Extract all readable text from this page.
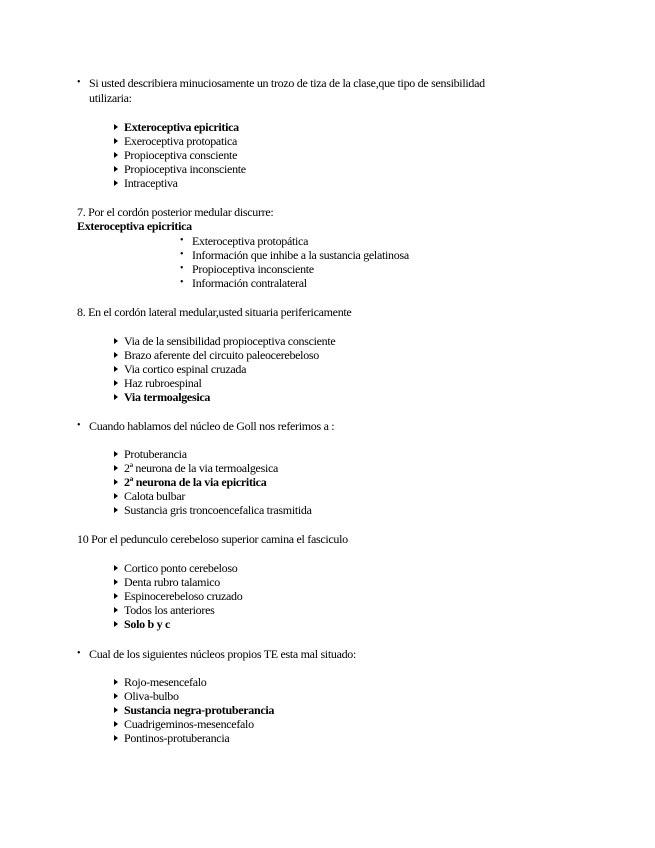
• Si usted describiera minuciosamente un trozo de tiza de la clase,que tipo de sensibilidad
utilizaria:
Exteroceptiva epicritica
Exeroceptiva protopatica
Propioceptiva consciente
Propioceptiva inconsciente
Intraceptiva
7. Por el cordón posterior medular discurre:
Exteroceptiva epicritica
• Exteroceptiva protopática
• Información que inhibe a la sustancia gelatinosa
• Propioceptiva inconsciente
• Información contralateral
8. En el cordón lateral medular,usted situaria perifericamente
Via de la sensibilidad propioceptiva consciente
Brazo aferente del circuito paleocerebeloso
Via cortico espinal cruzada
Haz rubroespinal
Via termoalgesica
• Cuando hablamos del núcleo de Goll nos referimos a :
Protuberancia
2ª neurona de la via termoalgesica
2ª neurona de la via epicritica
Calota bulbar
Sustancia gris troncoencefalica trasmitida
10 Por el pedunculo cerebeloso superior camina el fasciculo
Cortico ponto cerebeloso
Denta rubro talamico
Espinocerebeloso cruzado
Todos los anteriores
Solo b y c
• Cual de los siguientes núcleos propios TE esta mal situado:
Rojo-mesencefalo
Oliva-bulbo
Sustancia negra-protuberancia
Cuadrigeminos-mesencefalo
Pontinos-protuberancia
